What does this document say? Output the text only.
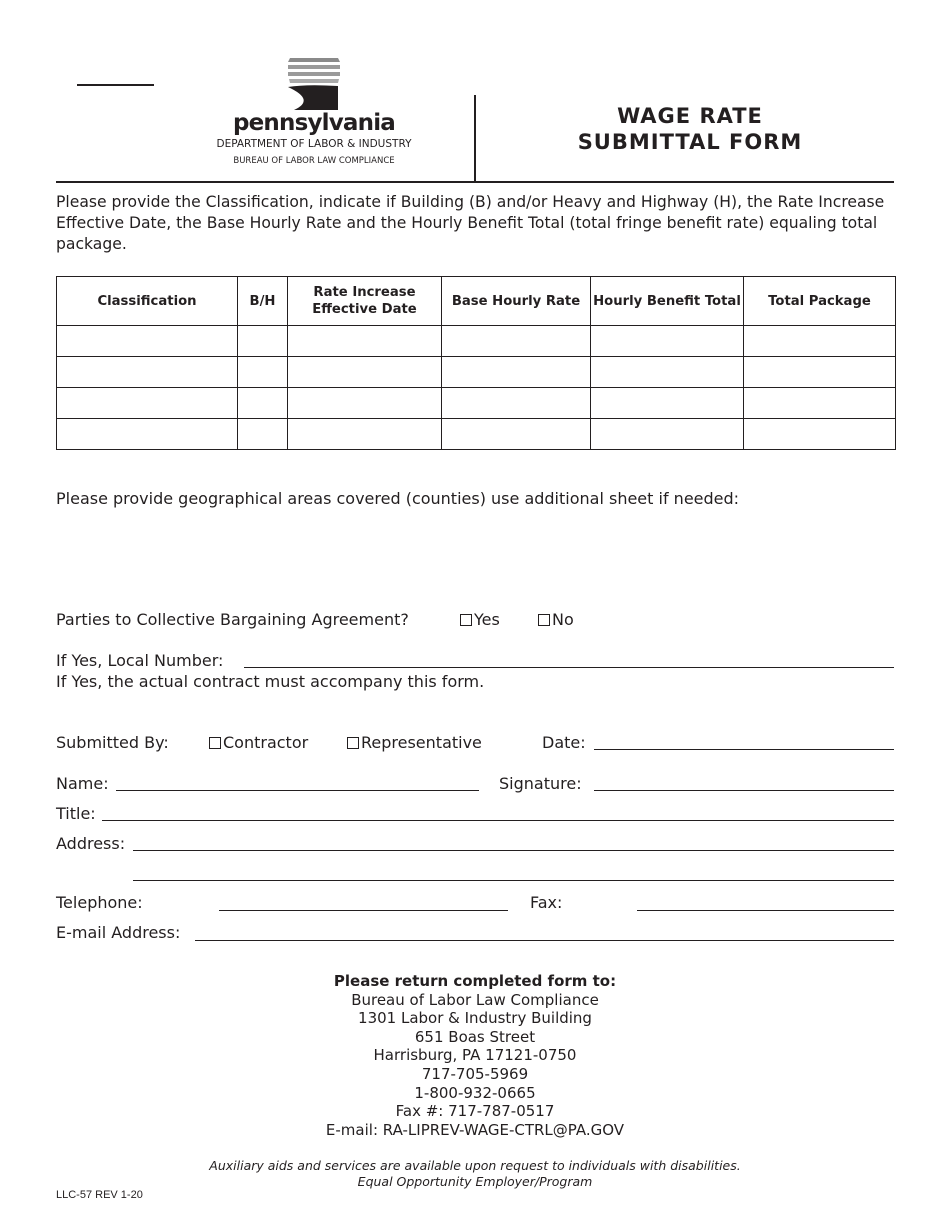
pennsylvania
DEPARTMENT OF LABOR & INDUSTRY
BUREAU OF LABOR LAW COMPLIANCE
WAGE RATE
SUBMITTAL FORM
Please provide the Classification, indicate if Building (B) and/or Heavy and Highway (H), the Rate Increase Effective Date, the Base Hourly Rate and the Hourly Benefit Total (total fringe benefit rate) equaling total package.
Classification	B/H	Rate Increase Effective Date	Base Hourly Rate	Hourly Benefit Total	Total Package

Please provide geographical areas covered (counties) use additional sheet if needed:
Parties to Collective Bargaining Agreement?	Yes	No
If Yes, Local Number:
If Yes, the actual contract must accompany this form.
Submitted By:	Contractor	Representative	Date:
Name:	Signature:
Title:
Address:
Telephone:	Fax:
E-mail Address:
Please return completed form to:
Bureau of Labor Law Compliance
1301 Labor & Industry Building
651 Boas Street
Harrisburg, PA 17121-0750
717-705-5969
1-800-932-0665
Fax #: 717-787-0517
E-mail: RA-LIPREV-WAGE-CTRL@PA.GOV
Auxiliary aids and services are available upon request to individuals with disabilities.
Equal Opportunity Employer/Program
LLC-57 REV 1-20
